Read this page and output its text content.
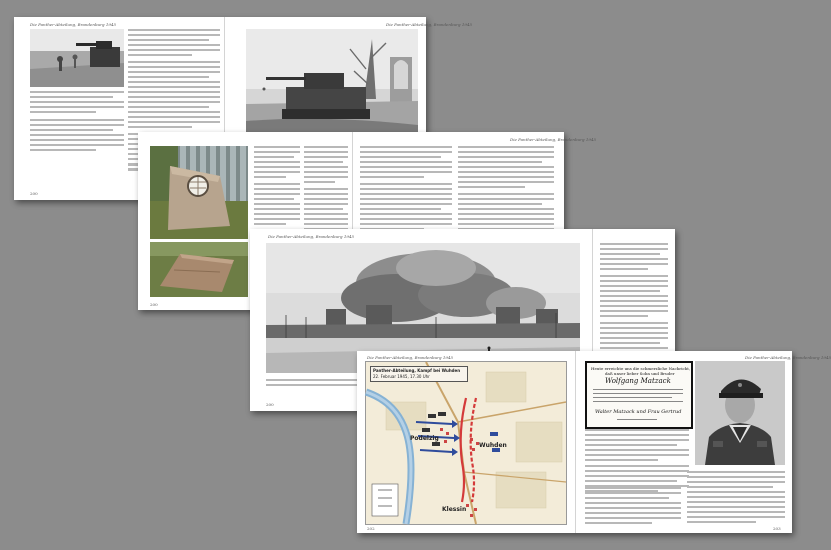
Die Panther-Abteilung, Brandenburg 1945	Die Panther-Abteilung, Brandenburg 1945
200
Die Panther-Abteilung, Brandenburg 1945
200
Die Panther-Abteilung, Brandenburg 1945
200
Die Panther-Abteilung, Brandenburg 1945	Die Panther-Abteilung, Brandenburg 1945
Panther-Abteilung, Kampf bei Wuhden
22. Februar 1945, 17.30 Uhr
Podelzig
Wuhden
Klessin
202
Heute erreichte uns die schmerzliche Nachricht,
daß unser lieber Sohn und Bruder
Wolfgang Matzack
Walter Matzack und Frau Gertrud
203
